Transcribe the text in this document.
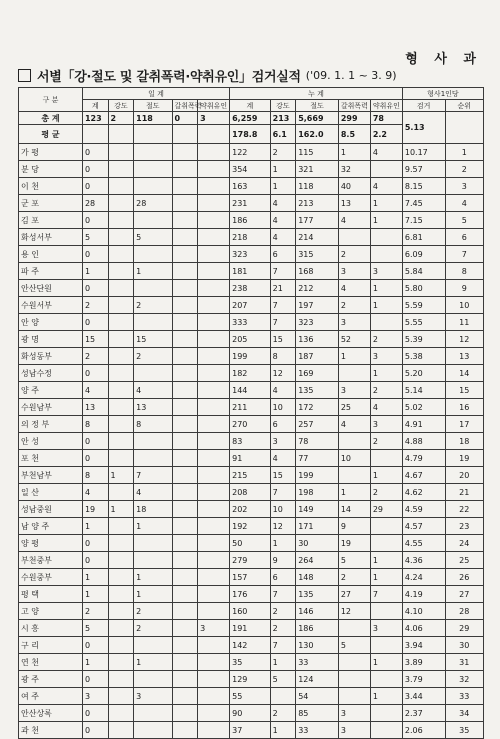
형 사 과
서별「강·절도 및 갈취폭력·약취유인」검거실적 ('09. 1. 1 ~ 3. 9)
구 분	일 계					누 계					형사1인당	
	계	강도	절도	갈취폭력	약취유인	계	강도	절도	갈취폭력	약취유인	검거	순위
총 계	123	2	118	0	3	6,259	213	5,669	299	78	5.13	
평 균						178.8	6.1	162.0	8.5	2.2		
가 평	0					122	2	115	1	4	10.17	1
분 당	0					354	1	321	32		9.57	2
이 천	0					163	1	118	40	4	8.15	3
군 포	28		28			231	4	213	13	1	7.45	4
김 포	0					186	4	177	4	1	7.15	5
화성서부	5		5			218	4	214			6.81	6
용 인	0					323	6	315	2		6.09	7
파 주	1		1			181	7	168	3	3	5.84	8
안산단원	0					238	21	212	4	1	5.80	9
수원서부	2		2			207	7	197	2	1	5.59	10
안 양	0					333	7	323	3		5.55	11
광 명	15		15			205	15	136	52	2	5.39	12
화성동부	2		2			199	8	187	1	3	5.38	13
성남수정	0					182	12	169		1	5.20	14
양 주	4		4			144	4	135	3	2	5.14	15
수원남부	13		13			211	10	172	25	4	5.02	16
의 정 부	8		8			270	6	257	4	3	4.91	17
안 성	0					83	3	78		2	4.88	18
포 천	0					91	4	77	10		4.79	19
부천남부	8	1	7			215	15	199		1	4.67	20
일 산	4		4			208	7	198	1	2	4.62	21
성남중원	19	1	18			202	10	149	14	29	4.59	22
남 양 주	1		1			192	12	171	9		4.57	23
양 평	0					50	1	30	19		4.55	24
부천중부	0					279	9	264	5	1	4.36	25
수원중부	1		1			157	6	148	2	1	4.24	26
평 택	1		1			176	7	135	27	7	4.19	27
고 양	2		2			160	2	146	12		4.10	28
시 흥	5		2		3	191	2	186		3	4.06	29
구 리	0					142	7	130	5		3.94	30
연 천	1		1			35	1	33		1	3.89	31
광 주	0					129	5	124			3.79	32
여 주	3		3			55		54		1	3.44	33
안산상록	0					90	2	85	3		2.37	34
과 천	0					37	1	33	3		2.06	35
